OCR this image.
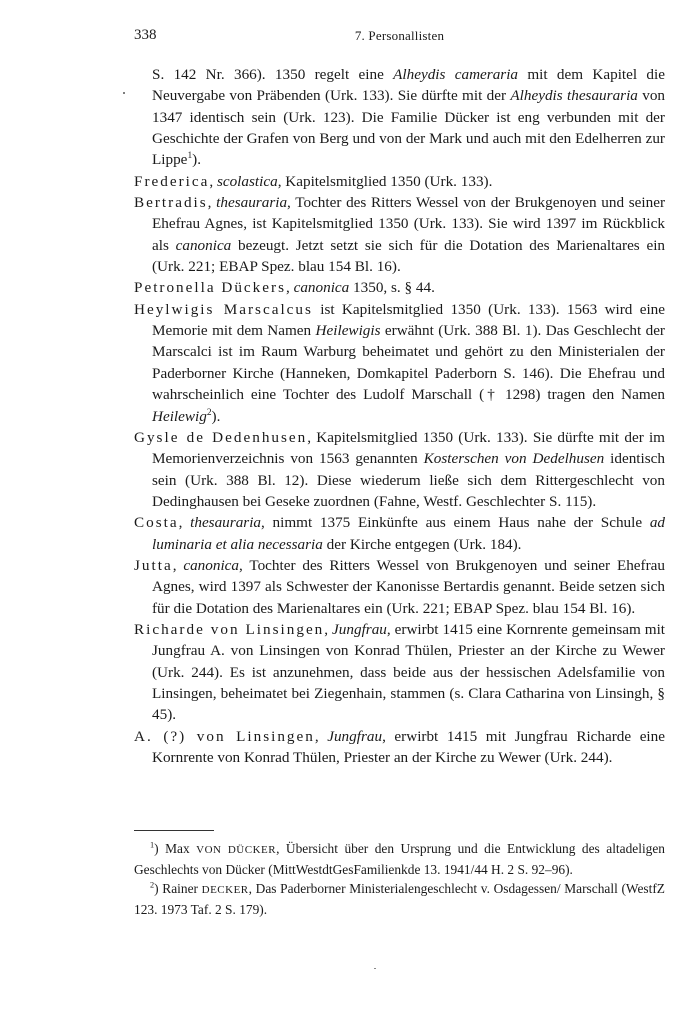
338	7. Personallisten

S. 142 Nr. 366). 1350 regelt eine Alheydis cameraria mit dem Kapitel die Neuvergabe von Präbenden (Urk. 133). Sie dürfte mit der Alheydis thesauraria von 1347 identisch sein (Urk. 123). Die Familie Dücker ist eng verbunden mit der Geschichte der Grafen von Berg und von der Mark und auch mit den Edelherren zur Lippe$^1$).

Frederica, scolastica, Kapitelsmitglied 1350 (Urk. 133).

Bertradis, thesauraria, Tochter des Ritters Wessel von der Brukgenoyen und seiner Ehefrau Agnes, ist Kapitelsmitglied 1350 (Urk. 133). Sie wird 1397 im Rückblick als canonica bezeugt. Jetzt setzt sie sich für die Dotation des Marienaltares ein (Urk. 221; EBAP Spez. blau 154 Bl. 16).

Petronella Dückers, canonica 1350, s. § 44.

Heylwigis Marscalcus ist Kapitelsmitglied 1350 (Urk. 133). 1563 wird eine Memorie mit dem Namen Heilewigis erwähnt (Urk. 388 Bl. 1). Das Geschlecht der Marscalci ist im Raum Warburg beheimatet und gehört zu den Ministerialen der Paderborner Kirche (Hanneken, Domkapitel Paderborn S. 146). Die Ehefrau und wahrscheinlich eine Tochter des Ludolf Marschall († 1298) tragen den Namen Heilewig$^2$).

Gysle de Dedenhusen, Kapitelsmitglied 1350 (Urk. 133). Sie dürfte mit der im Memorienverzeichnis von 1563 genannten Kosterschen von Dedelhusen identisch sein (Urk. 388 Bl. 12). Diese wiederum ließe sich dem Rittergeschlecht von Dedinghausen bei Geseke zuordnen (Fahne, Westf. Geschlechter S. 115).

Costa, thesauraria, nimmt 1375 Einkünfte aus einem Haus nahe der Schule ad luminaria et alia necessaria der Kirche entgegen (Urk. 184).

Jutta, canonica, Tochter des Ritters Wessel von Brukgenoyen und seiner Ehefrau Agnes, wird 1397 als Schwester der Kanonisse Bertardis genannt. Beide setzen sich für die Dotation des Marienaltares ein (Urk. 221; EBAP Spez. blau 154 Bl. 16).

Richarde von Linsingen, Jungfrau, erwirbt 1415 eine Kornrente gemeinsam mit Jungfrau A. von Linsingen von Konrad Thülen, Priester an der Kirche zu Wewer (Urk. 244). Es ist anzunehmen, dass beide aus der hessischen Adelsfamilie von Linsingen, beheimatet bei Ziegenhain, stammen (s. Clara Catharina von Linsingh, § 45).

A. (?) von Linsingen, Jungfrau, erwirbt 1415 mit Jungfrau Richarde eine Kornrente von Konrad Thülen, Priester an der Kirche zu Wewer (Urk. 244).

$^1$) Max VON DÜCKER, Übersicht über den Ursprung und die Entwicklung des altadeligen Geschlechts von Dücker (MittWestdtGesFamilienkde 13. 1941/44 H. 2 S. 92–96).

$^2$) Rainer DECKER, Das Paderborner Ministerialengeschlecht v. Osdagessen/ Marschall (WestfZ 123. 1973 Taf. 2 S. 179).
